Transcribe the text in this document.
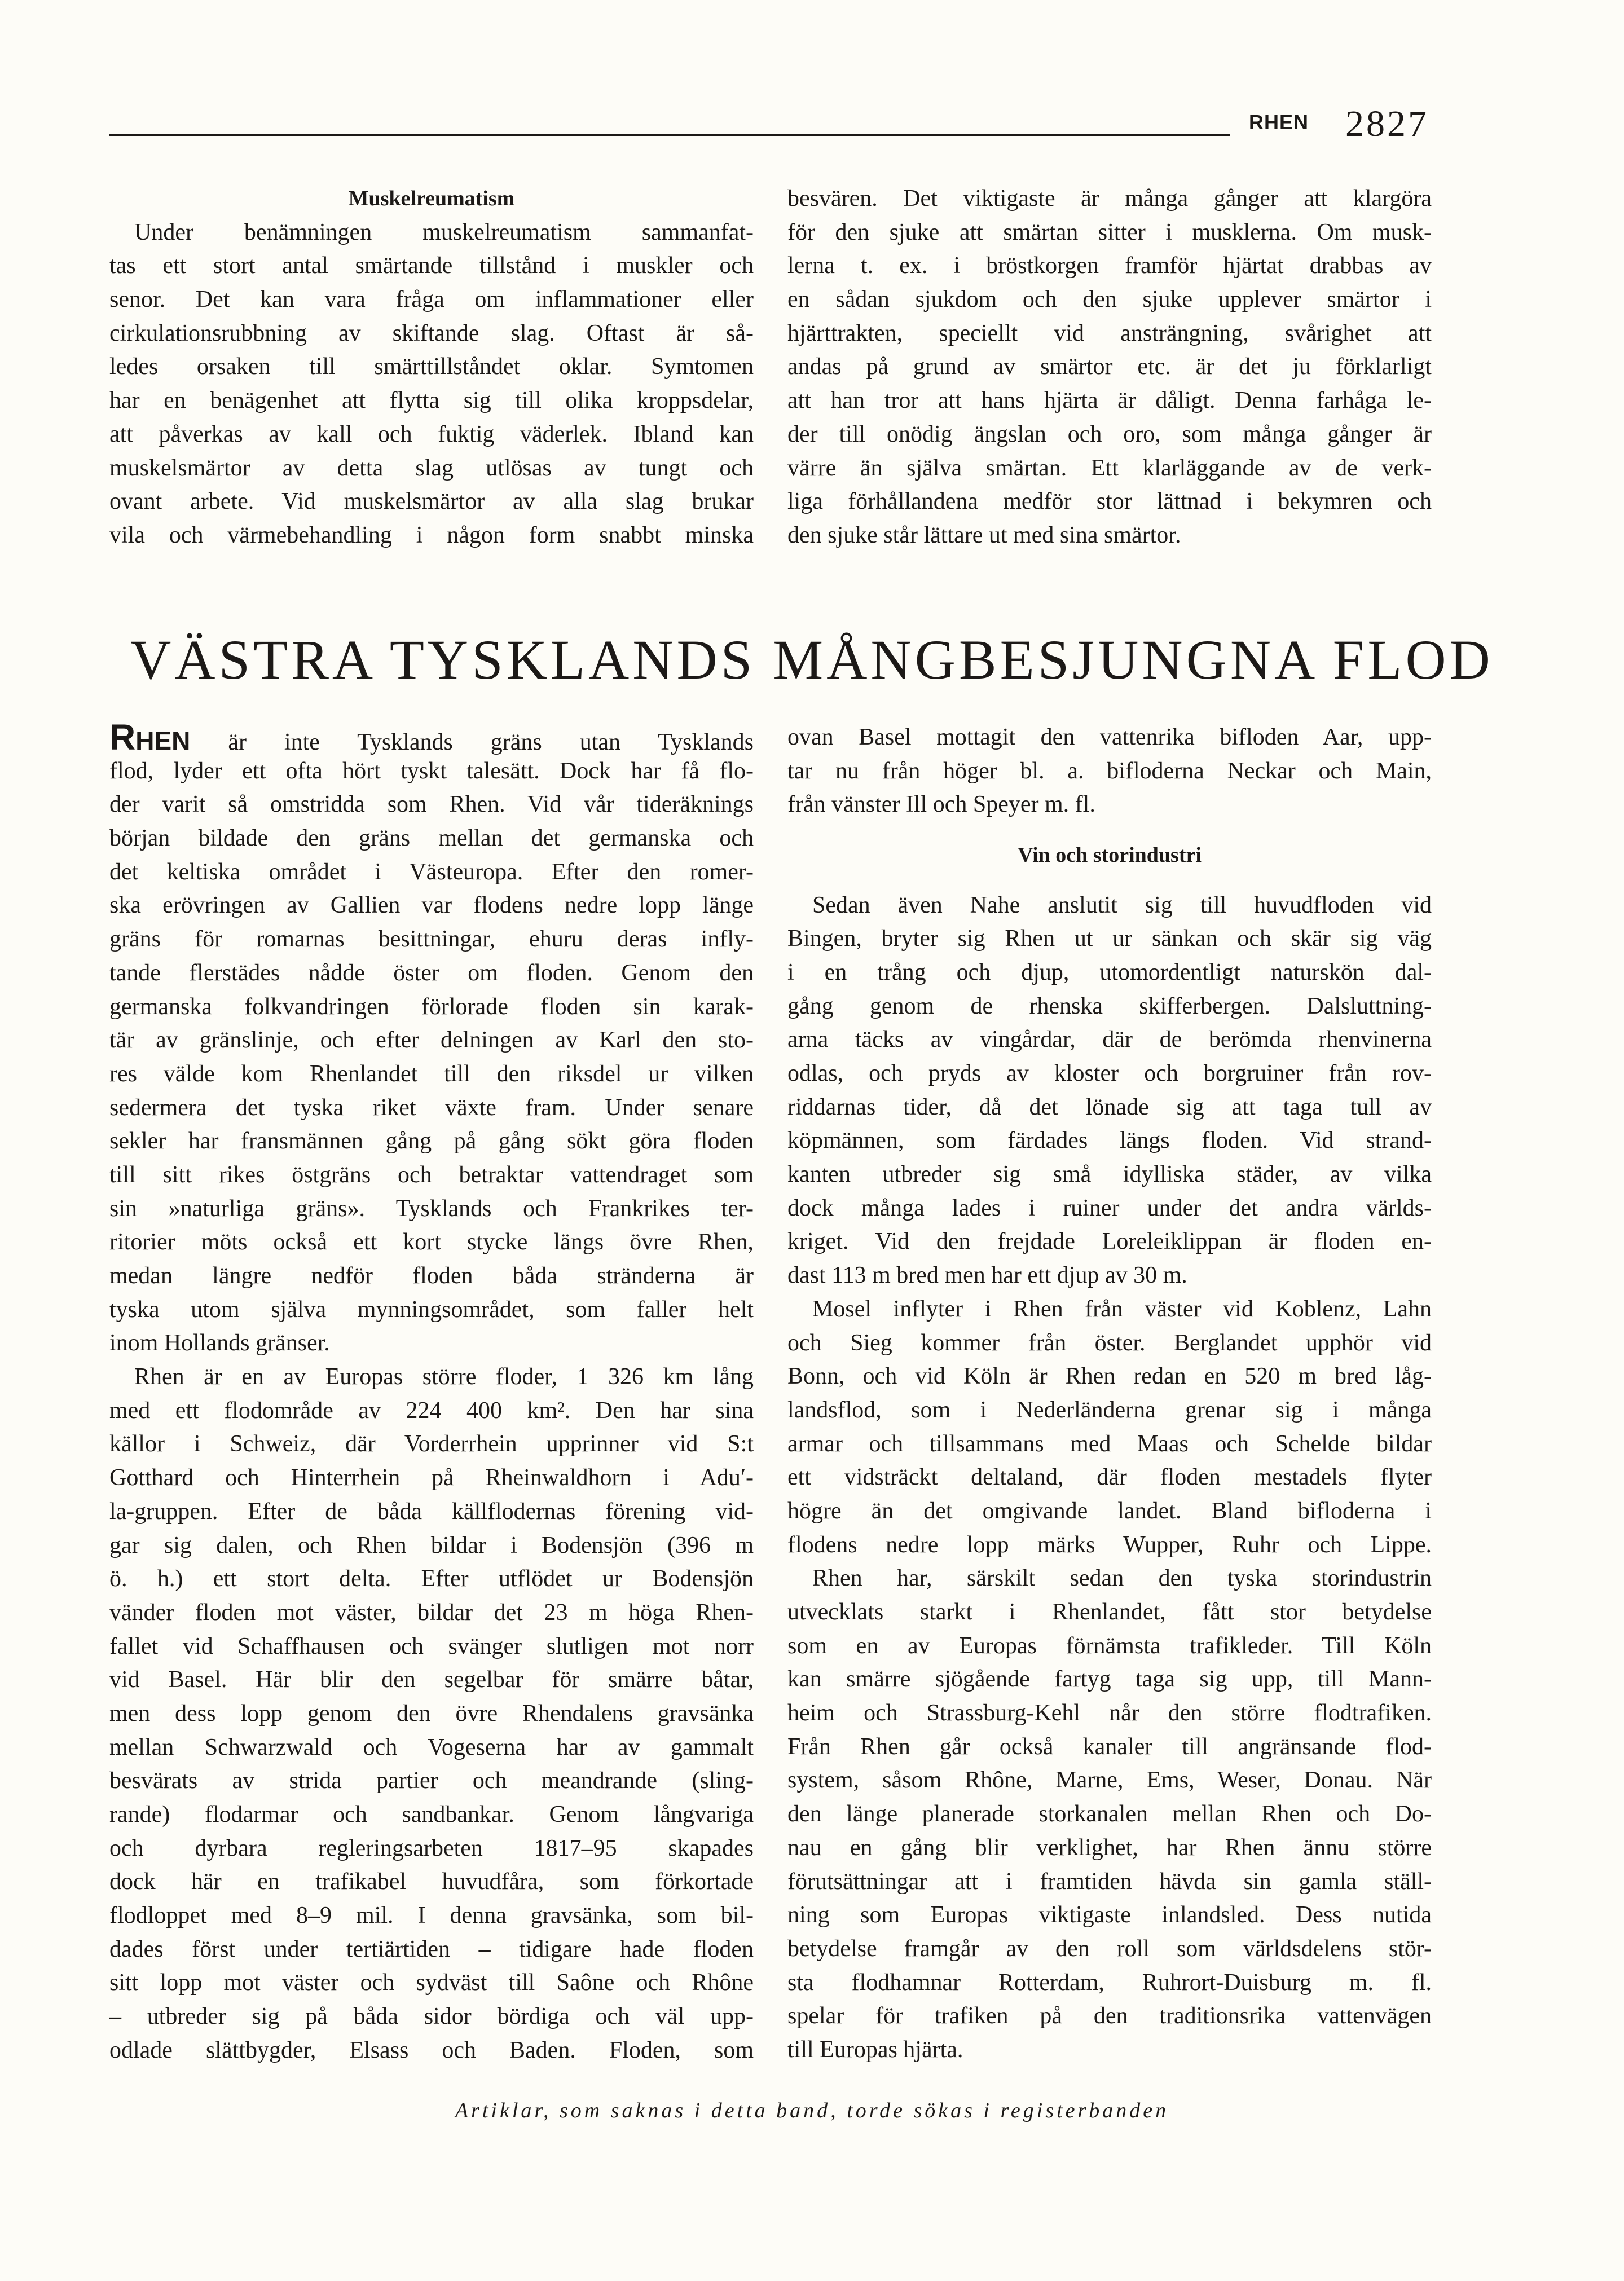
RHEN 2827
Muskelreumatism
Under benämningen muskelreumatism sammanfat-
tas ett stort antal smärtande tillstånd i muskler och
senor. Det kan vara fråga om inflammationer eller
cirkulationsrubbning av skiftande slag. Oftast är så-
ledes orsaken till smärttillståndet oklar. Symtomen
har en benägenhet att flytta sig till olika kroppsdelar,
att påverkas av kall och fuktig väderlek. Ibland kan
muskelsmärtor av detta slag utlösas av tungt och
ovant arbete. Vid muskelsmärtor av alla slag brukar
vila och värmebehandling i någon form snabbt minska
besvären. Det viktigaste är många gånger att klargöra
för den sjuke att smärtan sitter i musklerna. Om musk-
lerna t. ex. i bröstkorgen framför hjärtat drabbas av
en sådan sjukdom och den sjuke upplever smärtor i
hjärttrakten, speciellt vid ansträngning, svårighet att
andas på grund av smärtor etc. är det ju förklarligt
att han tror att hans hjärta är dåligt. Denna farhåga le-
der till onödig ängslan och oro, som många gånger är
värre än själva smärtan. Ett klarläggande av de verk-
liga förhållandena medför stor lättnad i bekymren och
den sjuke står lättare ut med sina smärtor.
VÄSTRA TYSKLANDS MÅNGBESJUNGNA FLOD
RHEN är inte Tysklands gräns utan Tysklands
flod, lyder ett ofta hört tyskt talesätt. Dock har få flo-
der varit så omstridda som Rhen. Vid vår tideräknings
början bildade den gräns mellan det germanska och
det keltiska området i Västeuropa. Efter den romer-
ska erövringen av Gallien var flodens nedre lopp länge
gräns för romarnas besittningar, ehuru deras infly-
tande flerstädes nådde öster om floden. Genom den
germanska folkvandringen förlorade floden sin karak-
tär av gränslinje, och efter delningen av Karl den sto-
res välde kom Rhenlandet till den riksdel ur vilken
sedermera det tyska riket växte fram. Under senare
sekler har fransmännen gång på gång sökt göra floden
till sitt rikes östgräns och betraktar vattendraget som
sin »naturliga gräns». Tysklands och Frankrikes ter-
ritorier möts också ett kort stycke längs övre Rhen,
medan längre nedför floden båda stränderna är
tyska utom själva mynningsområdet, som faller helt
inom Hollands gränser.
Rhen är en av Europas större floder, 1 326 km lång
med ett flodområde av 224 400 km². Den har sina
källor i Schweiz, där Vorderrhein upprinner vid S:t
Gotthard och Hinterrhein på Rheinwaldhorn i Adu′-
la-gruppen. Efter de båda källflodernas förening vid-
gar sig dalen, och Rhen bildar i Bodensjön (396 m
ö. h.) ett stort delta. Efter utflödet ur Bodensjön
vänder floden mot väster, bildar det 23 m höga Rhen-
fallet vid Schaffhausen och svänger slutligen mot norr
vid Basel. Här blir den segelbar för smärre båtar,
men dess lopp genom den övre Rhendalens gravsänka
mellan Schwarzwald och Vogeserna har av gammalt
besvärats av strida partier och meandrande (sling-
rande) flodarmar och sandbankar. Genom långvariga
och dyrbara regleringsarbeten 1817–95 skapades
dock här en trafikabel huvudfåra, som förkortade
flodloppet med 8–9 mil. I denna gravsänka, som bil-
dades först under tertiärtiden – tidigare hade floden
sitt lopp mot väster och sydväst till Saône och Rhône
– utbreder sig på båda sidor bördiga och väl upp-
odlade slättbygder, Elsass och Baden. Floden, som
ovan Basel mottagit den vattenrika bifloden Aar, upp-
tar nu från höger bl. a. bifloderna Neckar och Main,
från vänster Ill och Speyer m. fl.
Vin och storindustri
Sedan även Nahe anslutit sig till huvudfloden vid
Bingen, bryter sig Rhen ut ur sänkan och skär sig väg
i en trång och djup, utomordentligt naturskön dal-
gång genom de rhenska skifferbergen. Dalsluttning-
arna täcks av vingårdar, där de berömda rhenvinerna
odlas, och pryds av kloster och borgruiner från rov-
riddarnas tider, då det lönade sig att taga tull av
köpmännen, som färdades längs floden. Vid strand-
kanten utbreder sig små idylliska städer, av vilka
dock många lades i ruiner under det andra världs-
kriget. Vid den frejdade Loreleiklippan är floden en-
dast 113 m bred men har ett djup av 30 m.
Mosel inflyter i Rhen från väster vid Koblenz, Lahn
och Sieg kommer från öster. Berglandet upphör vid
Bonn, och vid Köln är Rhen redan en 520 m bred låg-
landsflod, som i Nederländerna grenar sig i många
armar och tillsammans med Maas och Schelde bildar
ett vidsträckt deltaland, där floden mestadels flyter
högre än det omgivande landet. Bland bifloderna i
flodens nedre lopp märks Wupper, Ruhr och Lippe.
Rhen har, särskilt sedan den tyska storindustrin
utvecklats starkt i Rhenlandet, fått stor betydelse
som en av Europas förnämsta trafikleder. Till Köln
kan smärre sjögående fartyg taga sig upp, till Mann-
heim och Strassburg-Kehl når den större flodtrafiken.
Från Rhen går också kanaler till angränsande flod-
system, såsom Rhône, Marne, Ems, Weser, Donau. När
den länge planerade storkanalen mellan Rhen och Do-
nau en gång blir verklighet, har Rhen ännu större
förutsättningar att i framtiden hävda sin gamla ställ-
ning som Europas viktigaste inlandsled. Dess nutida
betydelse framgår av den roll som världsdelens stör-
sta flodhamnar Rotterdam, Ruhrort-Duisburg m. fl.
spelar för trafiken på den traditionsrika vattenvägen
till Europas hjärta.
Artiklar, som saknas i detta band, torde sökas i registerbanden
